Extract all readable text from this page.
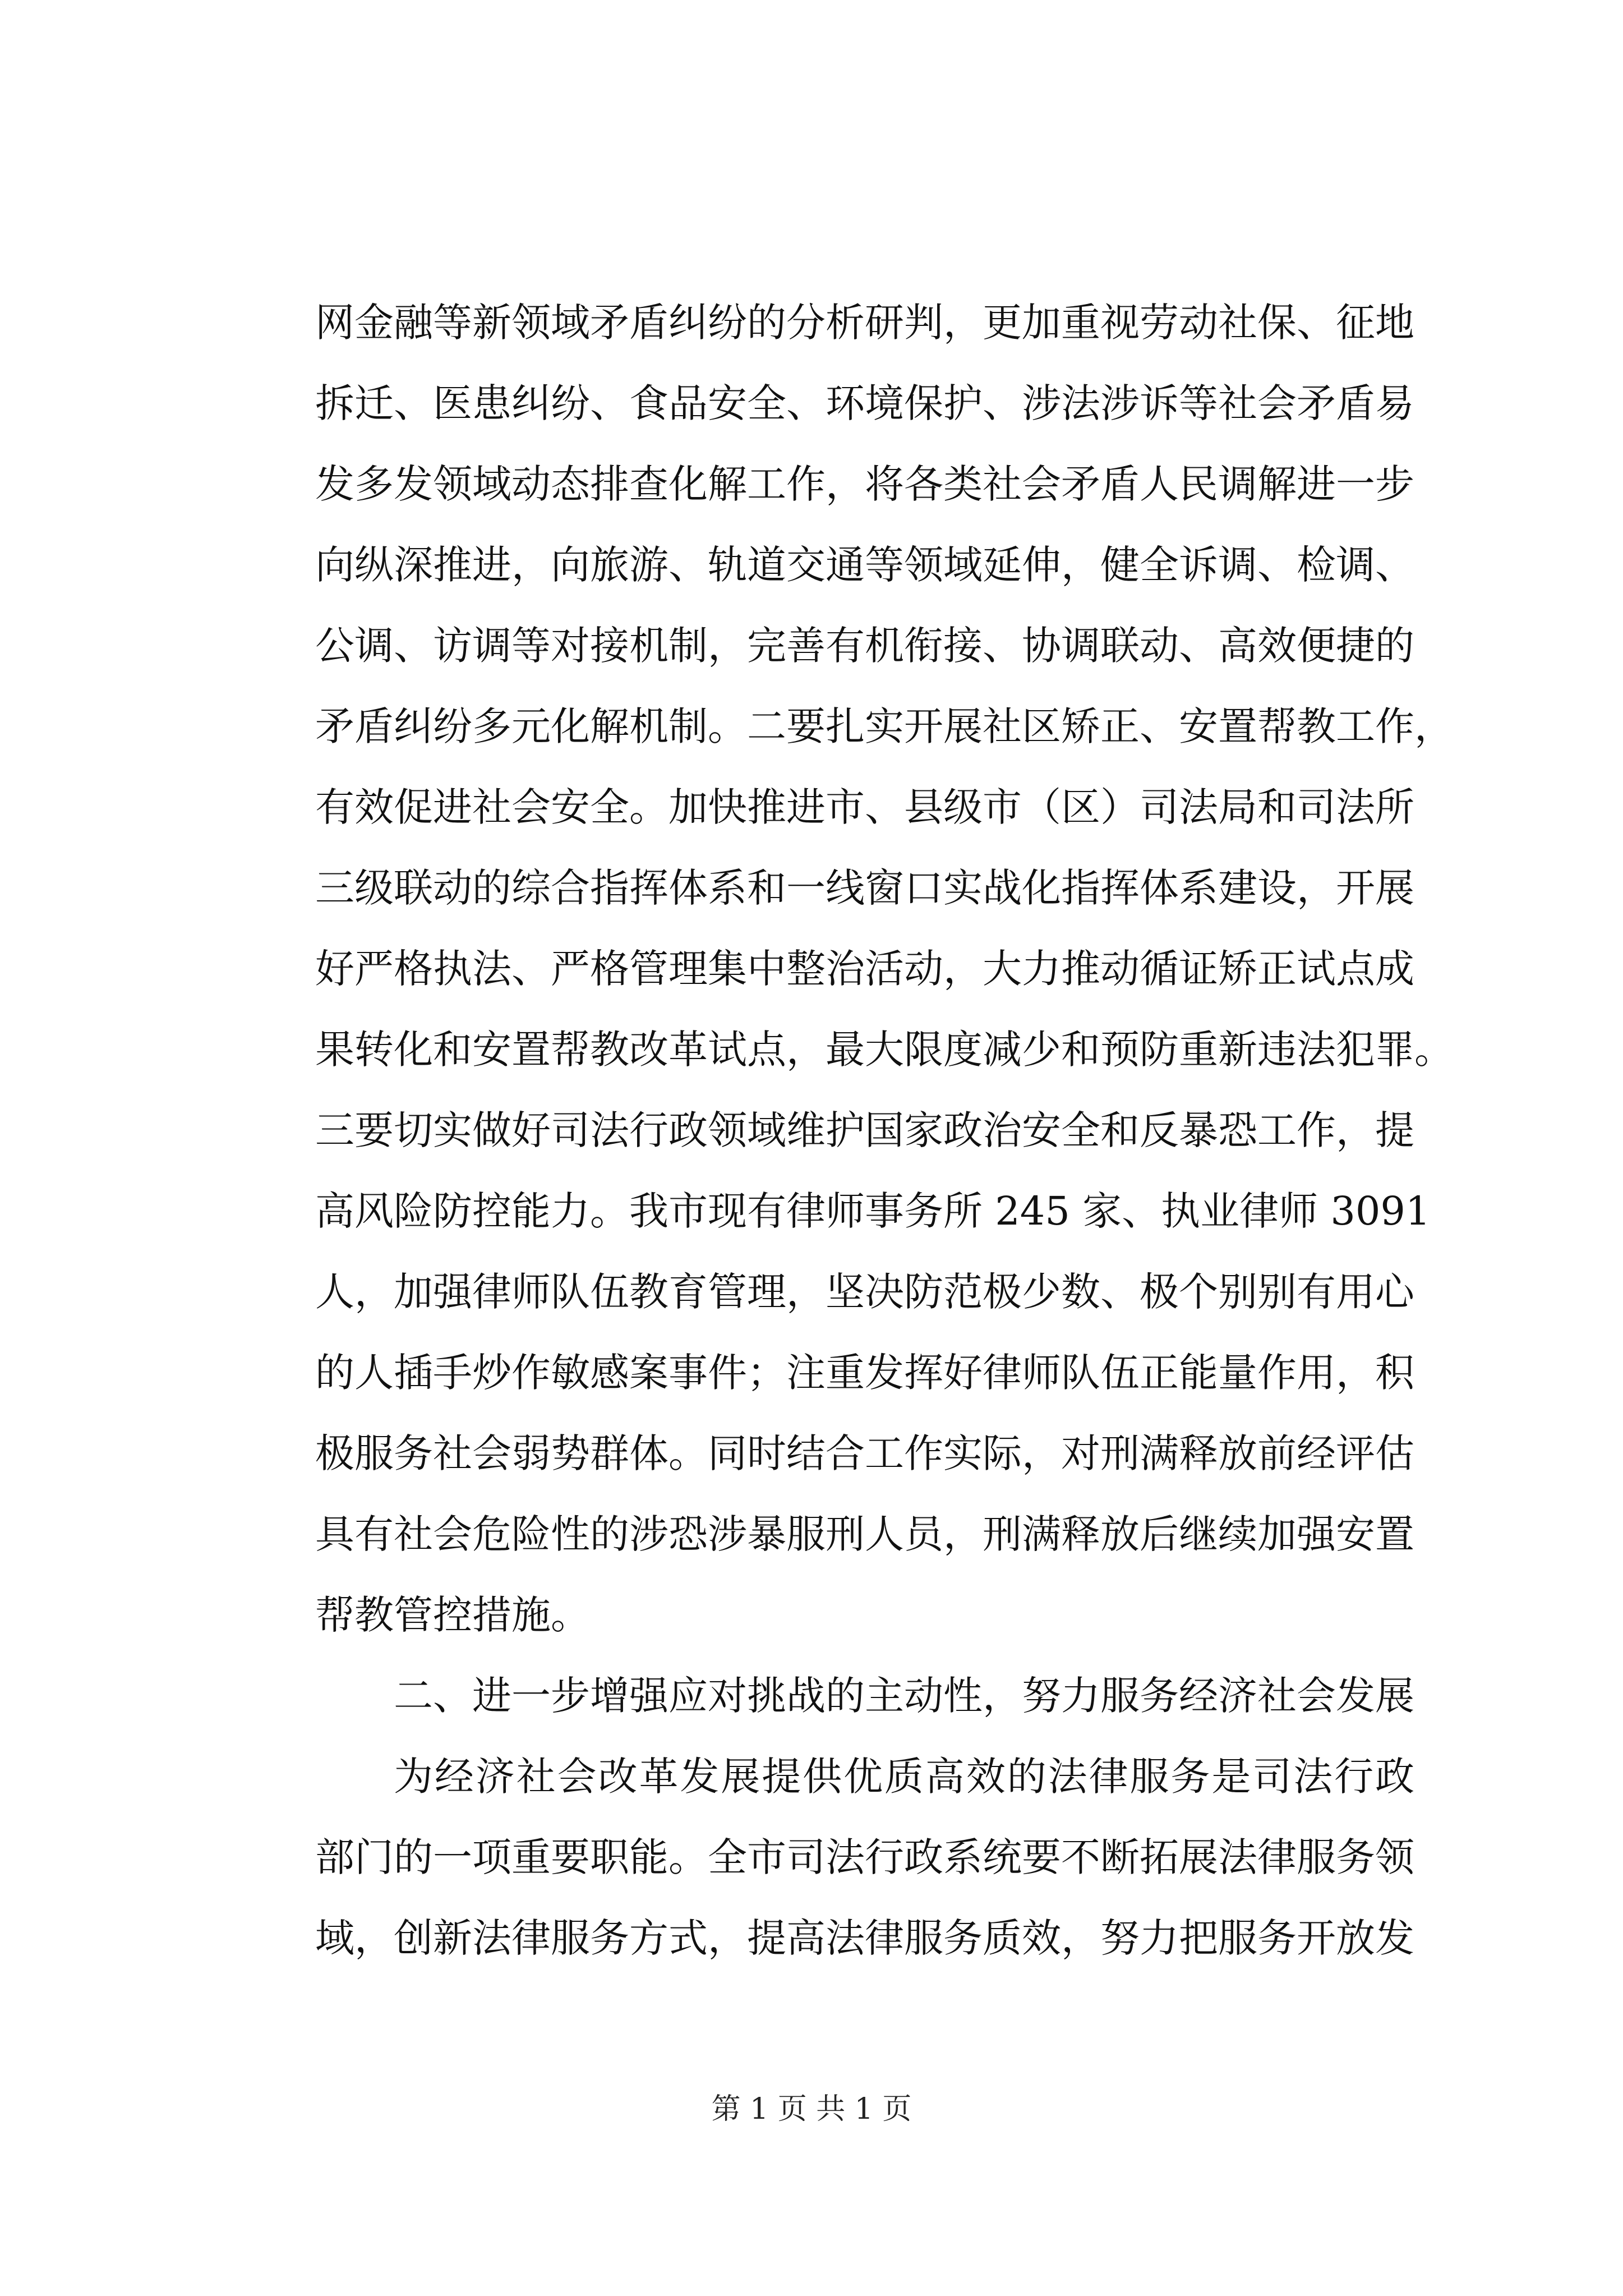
网金融等新领域矛盾纠纷的分析研判，更加重视劳动社保、征地
拆迁、医患纠纷、食品安全、环境保护、涉法涉诉等社会矛盾易
发多发领域动态排查化解工作，将各类社会矛盾人民调解进一步
向纵深推进，向旅游、轨道交通等领域延伸，健全诉调、检调、
公调、访调等对接机制，完善有机衔接、协调联动、高效便捷的
矛盾纠纷多元化解机制。二要扎实开展社区矫正、安置帮教工作，
有效促进社会安全。加快推进市、县级市（区）司法局和司法所
三级联动的综合指挥体系和一线窗口实战化指挥体系建设，开展
好严格执法、严格管理集中整治活动，大力推动循证矫正试点成
果转化和安置帮教改革试点，最大限度减少和预防重新违法犯罪。
三要切实做好司法行政领域维护国家政治安全和反暴恐工作，提
高风险防控能力。我市现有律师事务所 245 家、执业律师 3091
人，加强律师队伍教育管理，坚决防范极少数、极个别别有用心
的人插手炒作敏感案事件；注重发挥好律师队伍正能量作用，积
极服务社会弱势群体。同时结合工作实际，对刑满释放前经评估
具有社会危险性的涉恐涉暴服刑人员，刑满释放后继续加强安置
帮教管控措施。
二、进一步增强应对挑战的主动性，努力服务经济社会发展
为经济社会改革发展提供优质高效的法律服务是司法行政
部门的一项重要职能。全市司法行政系统要不断拓展法律服务领
域，创新法律服务方式，提高法律服务质效，努力把服务开放发
第 1 页 共 1 页
